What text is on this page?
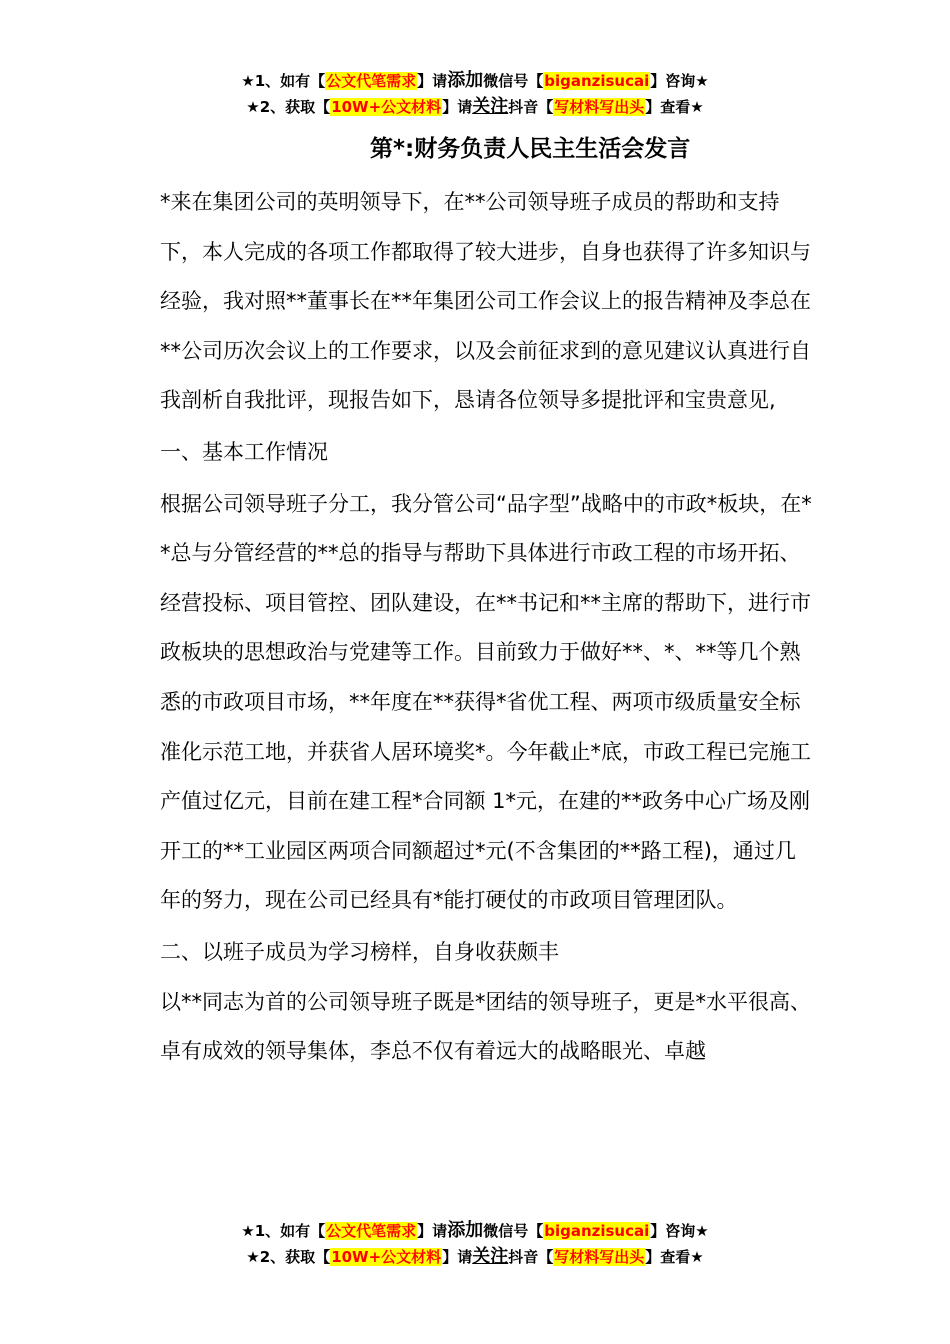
★1、如有【公文代笔需求】请添加微信号【biganzisucai】咨询★
★2、获取【10W+公文材料】请关注抖音【写材料写出头】查看★
第*:财务负责人民主生活会发言

*来在集团公司的英明领导下，在**公司领导班子成员的帮助和支持下，本人完成的各项工作都取得了较大进步，自身也获得了许多知识与经验，我对照**董事长在**年集团公司工作会议上的报告精神及李总在**公司历次会议上的工作要求，以及会前征求到的意见建议认真进行自我剖析自我批评，现报告如下，恳请各位领导多提批评和宝贵意见,

一、基本工作情况

根据公司领导班子分工，我分管公司“品字型”战略中的市政*板块，在**总与分管经营的**总的指导与帮助下具体进行市政工程的市场开拓、经营投标、项目管控、团队建设，在**书记和**主席的帮助下，进行市政板块的思想政治与党建等工作。目前致力于做好**、*、**等几个熟悉的市政项目市场，**年度在**获得*省优工程、两项市级质量安全标准化示范工地，并获省人居环境奖*。今年截止*底，市政工程已完施工产值过亿元，目前在建工程*合同额 1*元，在建的**政务中心广场及刚开工的**工业园区两项合同额超过*元(不含集团的**路工程)，通过几年的努力，现在公司已经具有*能打硬仗的市政项目管理团队。

二、以班子成员为学习榜样，自身收获颇丰

以**同志为首的公司领导班子既是*团结的领导班子，更是*水平很高、卓有成效的领导集体，李总不仅有着远大的战略眼光、卓越

★1、如有【公文代笔需求】请添加微信号【biganzisucai】咨询★
★2、获取【10W+公文材料】请关注抖音【写材料写出头】查看★
